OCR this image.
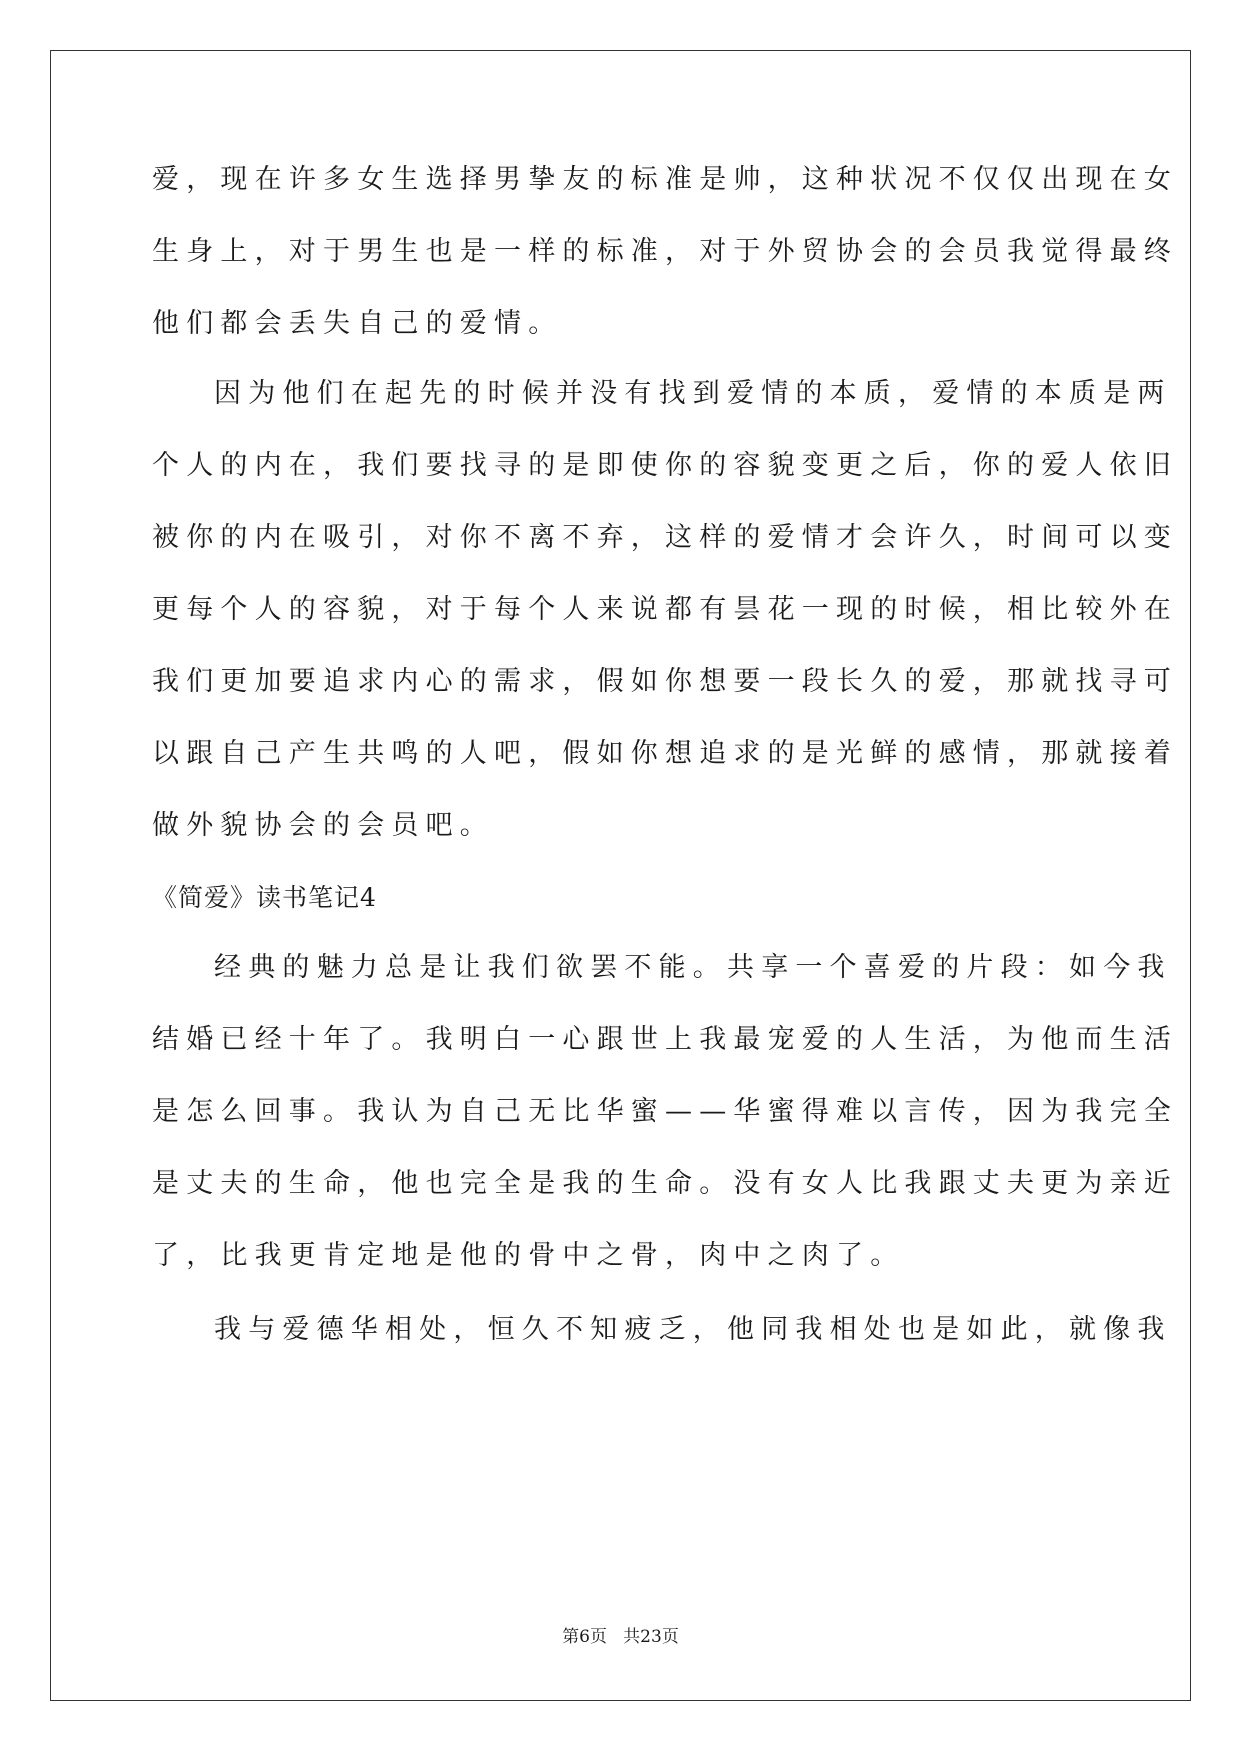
爱，现在许多女生选择男挚友的标准是帅，这种状况不仅仅出现在女
生身上，对于男生也是一样的标准，对于外贸协会的会员我觉得最终
他们都会丢失自己的爱情。
因为他们在起先的时候并没有找到爱情的本质，爱情的本质是两
个人的内在，我们要找寻的是即使你的容貌变更之后，你的爱人依旧
被你的内在吸引，对你不离不弃，这样的爱情才会许久，时间可以变
更每个人的容貌，对于每个人来说都有昙花一现的时候，相比较外在
我们更加要追求内心的需求，假如你想要一段长久的爱，那就找寻可
以跟自己产生共鸣的人吧，假如你想追求的是光鲜的感情，那就接着
做外貌协会的会员吧。
《简爱》读书笔记4
经典的魅力总是让我们欲罢不能。共享一个喜爱的片段：如今我
结婚已经十年了。我明白一心跟世上我最宠爱的人生活，为他而生活
是怎么回事。我认为自己无比华蜜——华蜜得难以言传，因为我完全
是丈夫的生命，他也完全是我的生命。没有女人比我跟丈夫更为亲近
了，比我更肯定地是他的骨中之骨，肉中之肉了。
我与爱德华相处，恒久不知疲乏，他同我相处也是如此，就像我
第6页   共23页
